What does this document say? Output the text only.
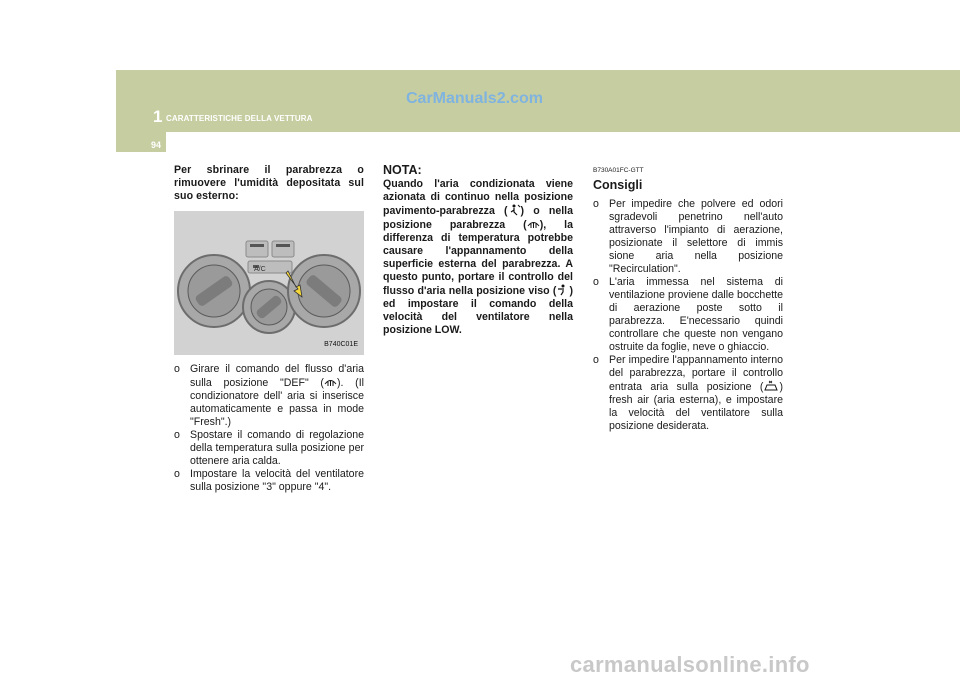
1 CARATTERISTICHE DELLA VETTURA
94
CarManuals2.com
carmanualsonline.info

Per sbrinare il parabrezza o rimuovere l'umidità depositata sul suo esterno:

A/C
B740C01E
o Girare il comando del flusso d'aria sulla posizione "DEF" ( ). (Il condizionatore dell' aria si inserisce automaticamente e passa in mode "Fresh".)
o Spostare il comando di regolazione della temperatura sulla posizione per ottenere aria calda.
o Impostare la velocità del ventilatore sulla posizione "3" oppure "4".

NOTA:

Quando l'aria condizionata viene azionata di continuo nella posizione pavimento-parabrezza ( ) o nella posizione parabrezza ( ), la differenza di temperatura potrebbe causare l'appannamento della superficie esterna del parabrezza. A questo punto, portare il controllo del flusso d'aria nella posizione viso ( ) ed impostare il comando della velocità del ventilatore nella posizione LOW.

B730A01FC-GTT

Consigli

o Per impedire che polvere ed odori sgradevoli penetrino nell'auto attraverso l'impianto di aerazione, posizionate il selettore di immis sione aria nella posizione "Recirculation".
o L'aria immessa nel sistema di ventilazione proviene dalle bocchette di aerazione poste sotto il parabrezza. E'necessario quindi controllare che queste non vengano ostruite da foglie, neve o ghiaccio.
o Per impedire l'appannamento interno del parabrezza, portare il controllo entrata aria sulla posizione ( ) fresh air (aria esterna), e impostare la velocità del ventilatore sulla posizione desiderata.
